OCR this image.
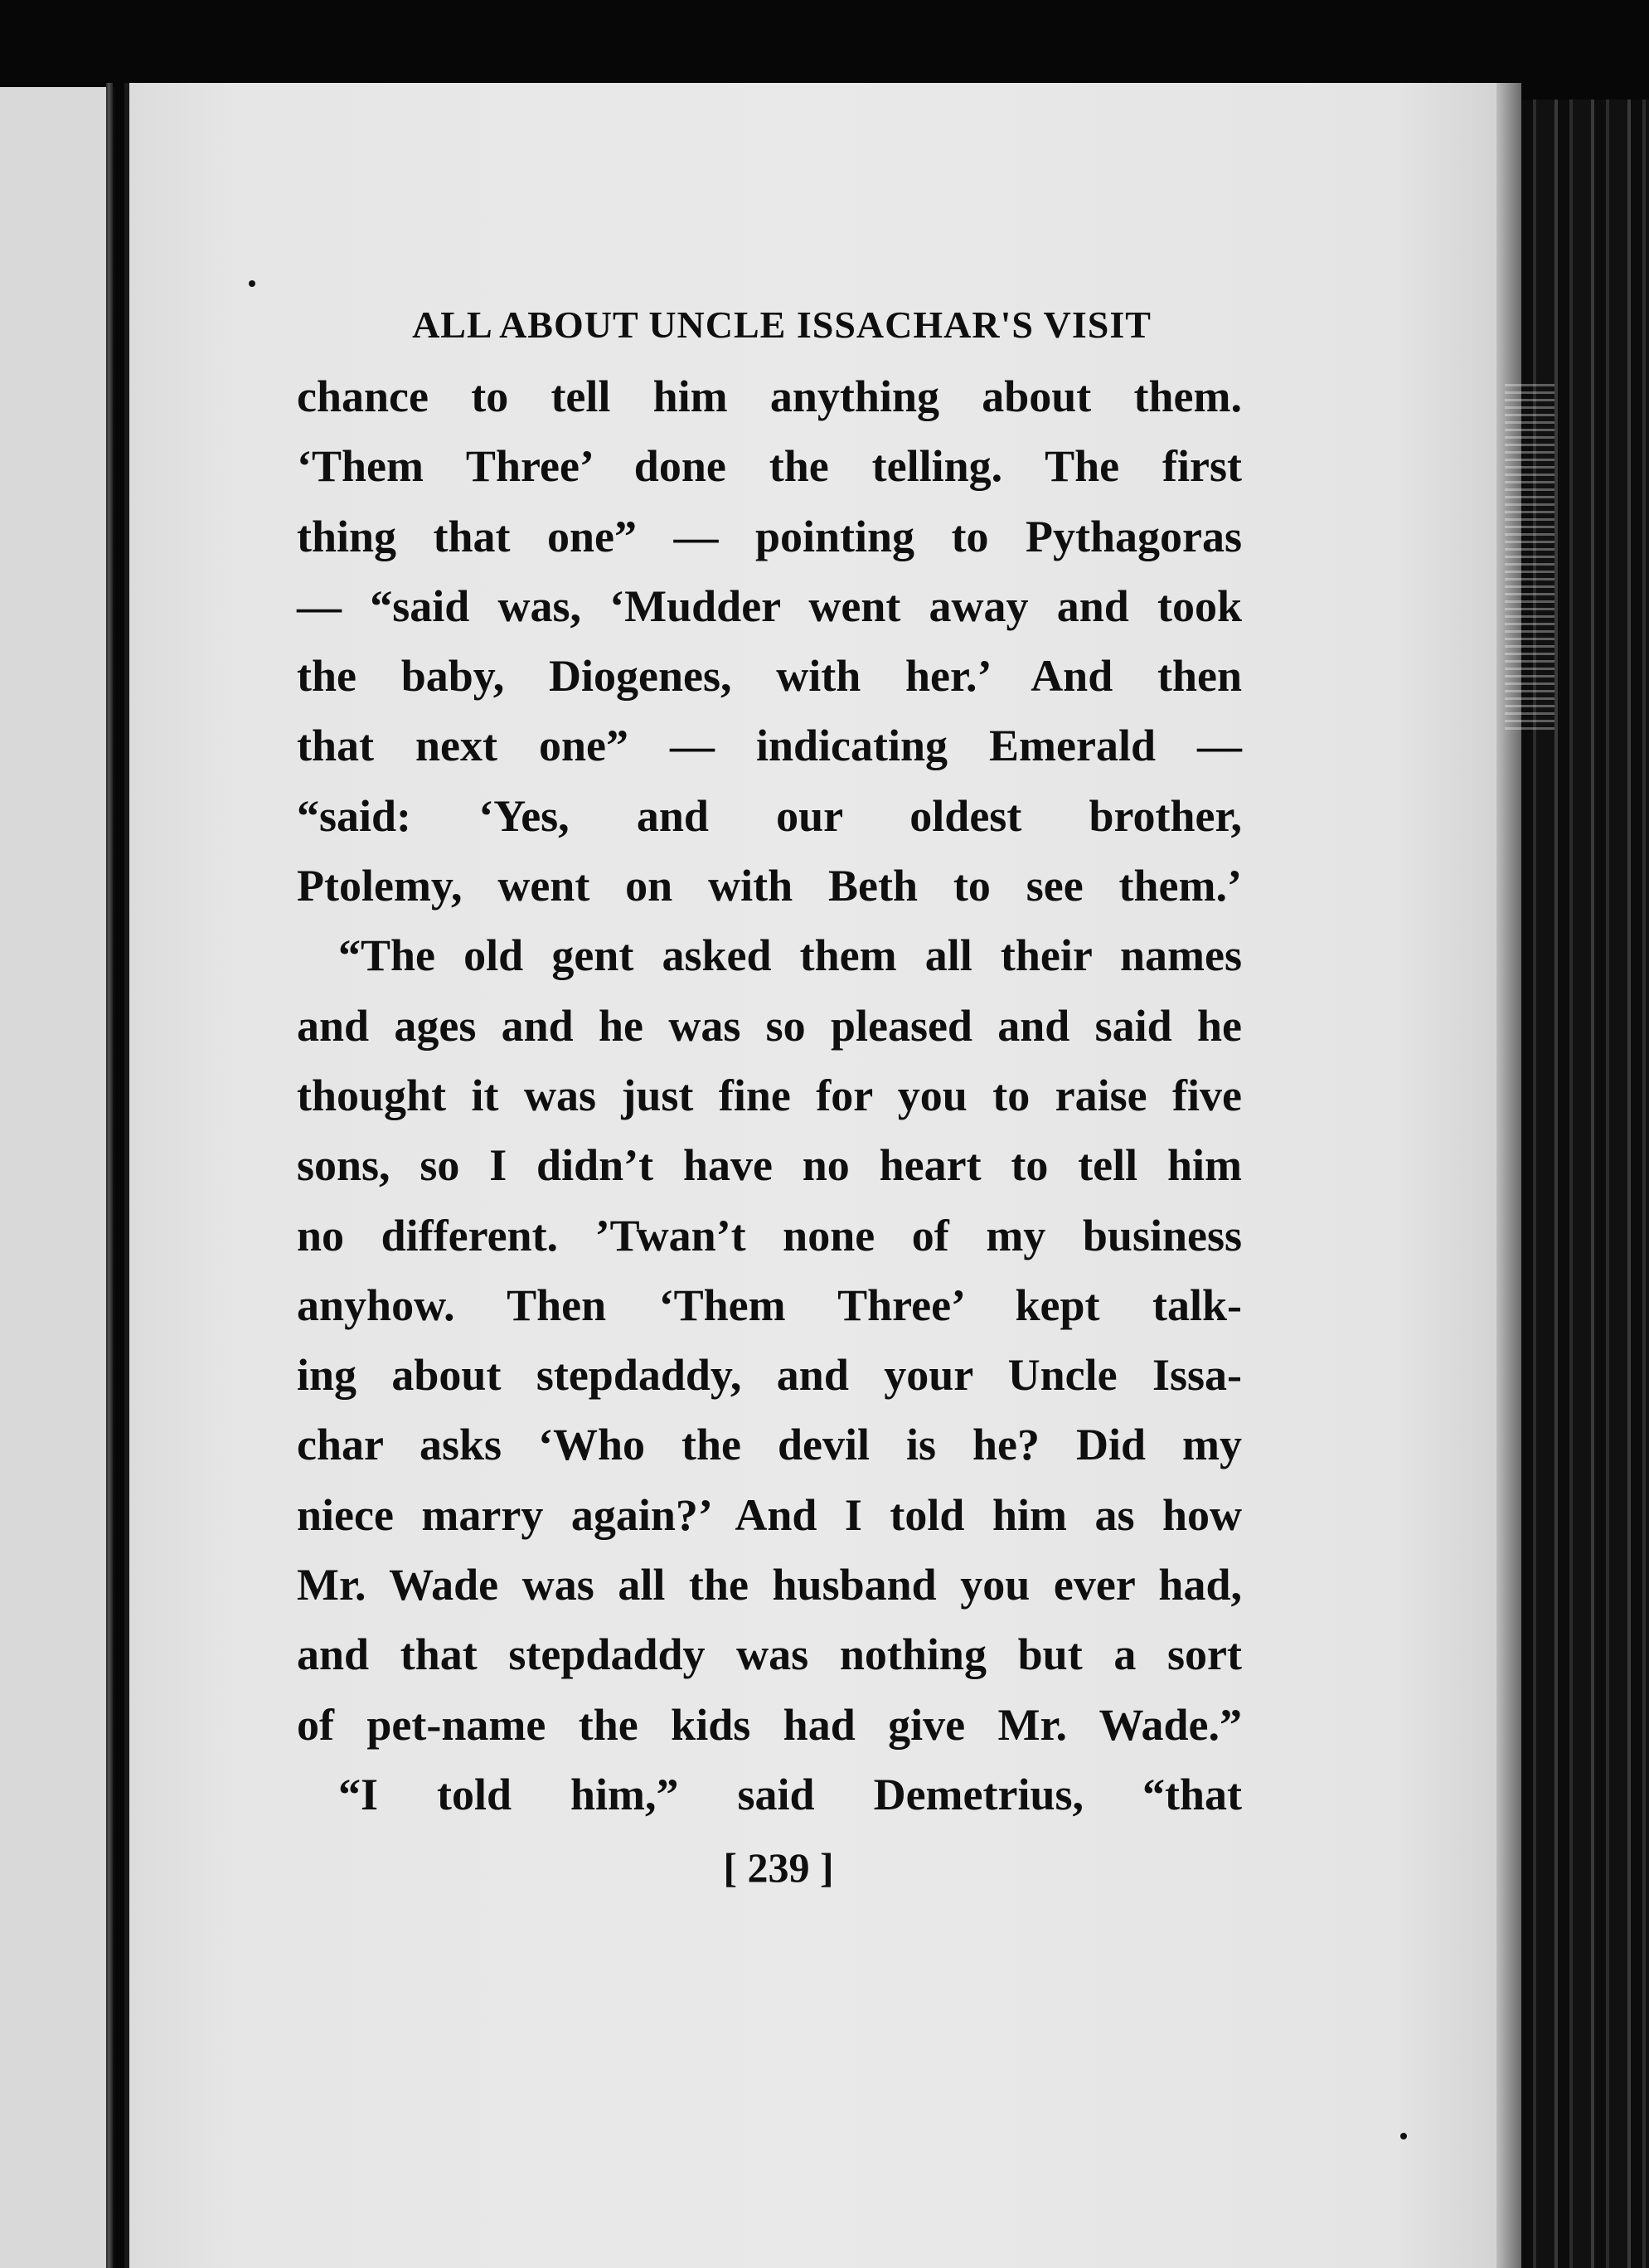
ALL ABOUT UNCLE ISSACHAR'S VISIT
chance to tell him anything about them.
‘Them Three’ done the telling. The first
thing that one” — pointing to Pythagoras
— “said was, ‘Mudder went away and took
the baby, Diogenes, with her.’ And then
that next one” — indicating Emerald —
“said: ‘Yes, and our oldest brother,
Ptolemy, went on with Beth to see them.’
“The old gent asked them all their names
and ages and he was so pleased and said he
thought it was just fine for you to raise five
sons, so I didn’t have no heart to tell him
no different. ’Twan’t none of my business
anyhow. Then ‘Them Three’ kept talk-
ing about stepdaddy, and your Uncle Issa-
char asks ‘Who the devil is he? Did my
niece marry again?’ And I told him as how
Mr. Wade was all the husband you ever had,
and that stepdaddy was nothing but a sort
of pet-name the kids had give Mr. Wade.”
“I told him,” said Demetrius, “that
[ 239 ]
